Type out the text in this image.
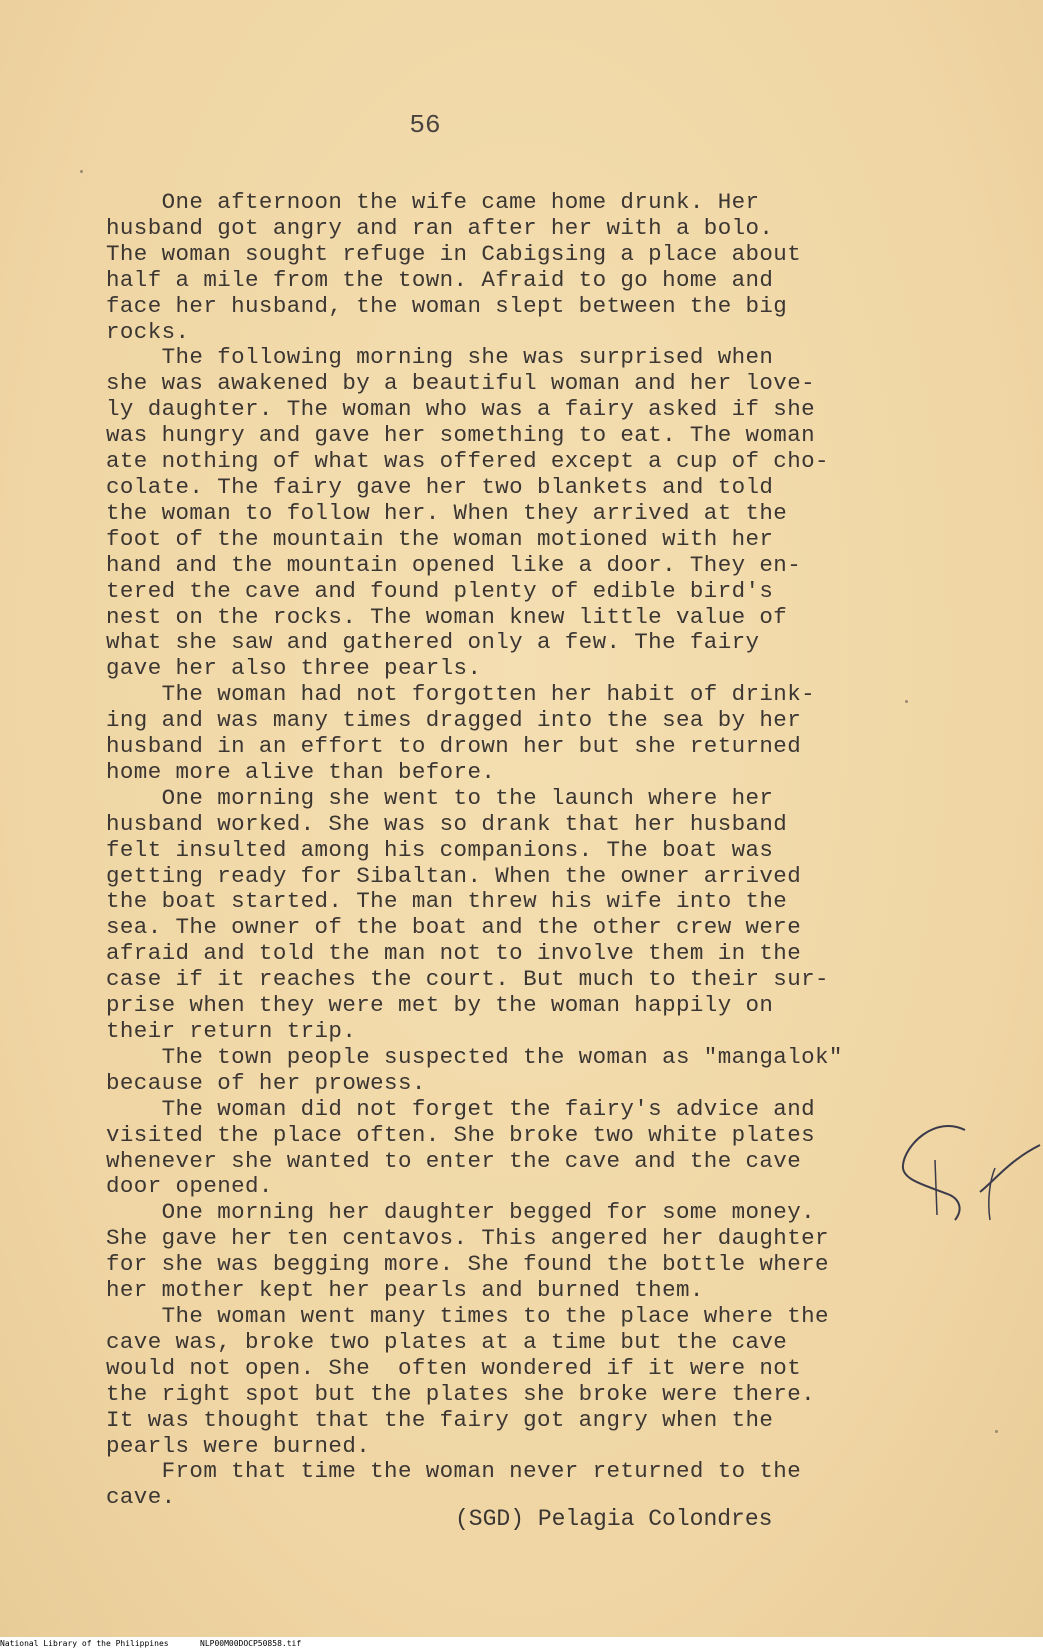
56
One afternoon the wife came home drunk. Her
husband got angry and ran after her with a bolo.
The woman sought refuge in Cabigsing a place about
half a mile from the town. Afraid to go home and
face her husband, the woman slept between the big
rocks.
The following morning she was surprised when
she was awakened by a beautiful woman and her love-
ly daughter. The woman who was a fairy asked if she
was hungry and gave her something to eat. The woman
ate nothing of what was offered except a cup of cho-
colate. The fairy gave her two blankets and told
the woman to follow her. When they arrived at the
foot of the mountain the woman motioned with her
hand and the mountain opened like a door. They en-
tered the cave and found plenty of edible bird's
nest on the rocks. The woman knew little value of
what she saw and gathered only a few. The fairy
gave her also three pearls.
The woman had not forgotten her habit of drink-
ing and was many times dragged into the sea by her
husband in an effort to drown her but she returned
home more alive than before.
One morning she went to the launch where her
husband worked. She was so drank that her husband
felt insulted among his companions. The boat was
getting ready for Sibaltan. When the owner arrived
the boat started. The man threw his wife into the
sea. The owner of the boat and the other crew were
afraid and told the man not to involve them in the
case if it reaches the court. But much to their sur-
prise when they were met by the woman happily on
their return trip.
The town people suspected the woman as "mangalok"
because of her prowess.
The woman did not forget the fairy's advice and
visited the place often. She broke two white plates
whenever she wanted to enter the cave and the cave
door opened.
One morning her daughter begged for some money.
She gave her ten centavos. This angered her daughter
for she was begging more. She found the bottle where
her mother kept her pearls and burned them.
The woman went many times to the place where the
cave was, broke two plates at a time but the cave
would not open. She  often wondered if it were not
the right spot but the plates she broke were there.
It was thought that the fairy got angry when the
pearls were burned.
From that time the woman never returned to the
cave.
(SGD) Pelagia Colondres
National Library of the Philippines	NLP00M00DOCP50858.tif
